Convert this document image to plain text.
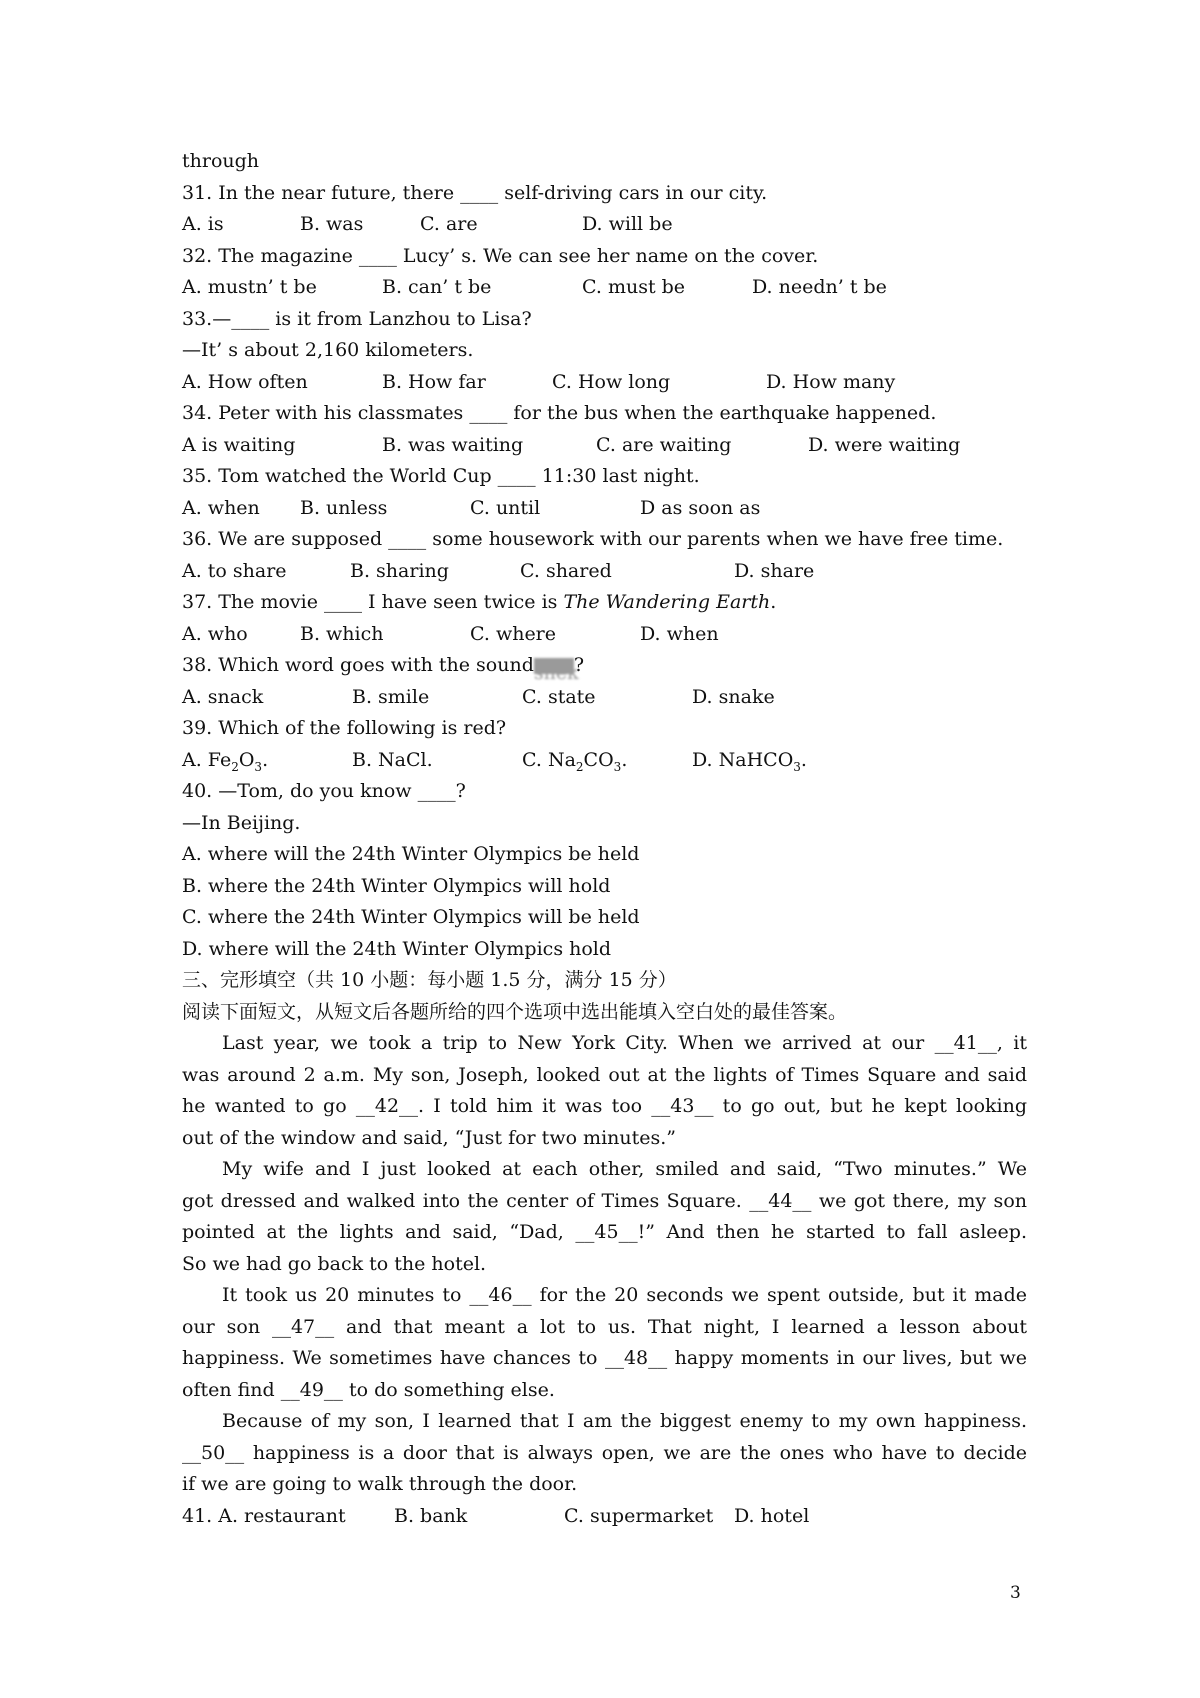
through
31. In the near future, there ____ self-driving cars in our city.
A. is	B. was	C. are	D. will be
32. The magazine ____ Lucy’ s. We can see her name on the cover.
A. mustn’ t be	B. can’ t be	C. must be	D. needn’ t be
33.—____ is it from Lanzhou to Lisa?
—It’ s about 2,160 kilometers.
A. How often	B. How far	C. How long	D. How many
34. Peter with his classmates ____ for the bus when the earthquake happened.
A is waiting	B. was waiting	C. are waiting	D. were waiting
35. Tom watched the World Cup ____ 11:30 last night.
A. when B. unless	C. until	D as soon as
36. We are supposed ____ some housework with our parents when we have free time.
A. to share	B. sharing	C. shared	D. share
37. The movie ____ I have seen twice is The Wandering Earth.
A. who	B. which	C. where	D. when
38. Which word goes with the soundsnek?
A. snack	B. smile	C. state	D. snake
39. Which of the following is red?
A. $Fe_2O_3$.	B. NaCl.	C. $Na_2CO_3$.	D. NaHCO$_3$.
40. —Tom, do you know ____?
—In Beijing.
A. where will the 24th Winter Olympics be held
B. where the 24th Winter Olympics will hold
C. where the 24th Winter Olympics will be held
D. where will the 24th Winter Olympics hold
三、完形填空（共 10 小题：每小题 1.5 分，满分 15 分）
阅读下面短文，从短文后各题所给的四个选项中选出能填入空白处的最佳答案。
Last year, we took a trip to New York City. When we arrived at our __41__, it
was around 2 a.m. My son, Joseph, looked out at the lights of Times Square and said
he wanted to go __42__. I told him it was too __43__ to go out, but he kept looking
out of the window and said, “Just for two minutes.”
My wife and I just looked at each other, smiled and said, “Two minutes.” We
got dressed and walked into the center of Times Square. __44__ we got there, my son
pointed at the lights and said, “Dad, __45__!” And then he started to fall asleep.
So we had go back to the hotel.
It took us 20 minutes to __46__ for the 20 seconds we spent outside, but it made
our son __47__ and that meant a lot to us. That night, I learned a lesson about
happiness. We sometimes have chances to __48__ happy moments in our lives, but we
often find __49__ to do something else.
Because of my son, I learned that I am the biggest enemy to my own happiness.
__50__ happiness is a door that is always open, we are the ones who have to decide
if we are going to walk through the door.
41. A. restaurant	B. bank	C. supermarket D. hotel
3
